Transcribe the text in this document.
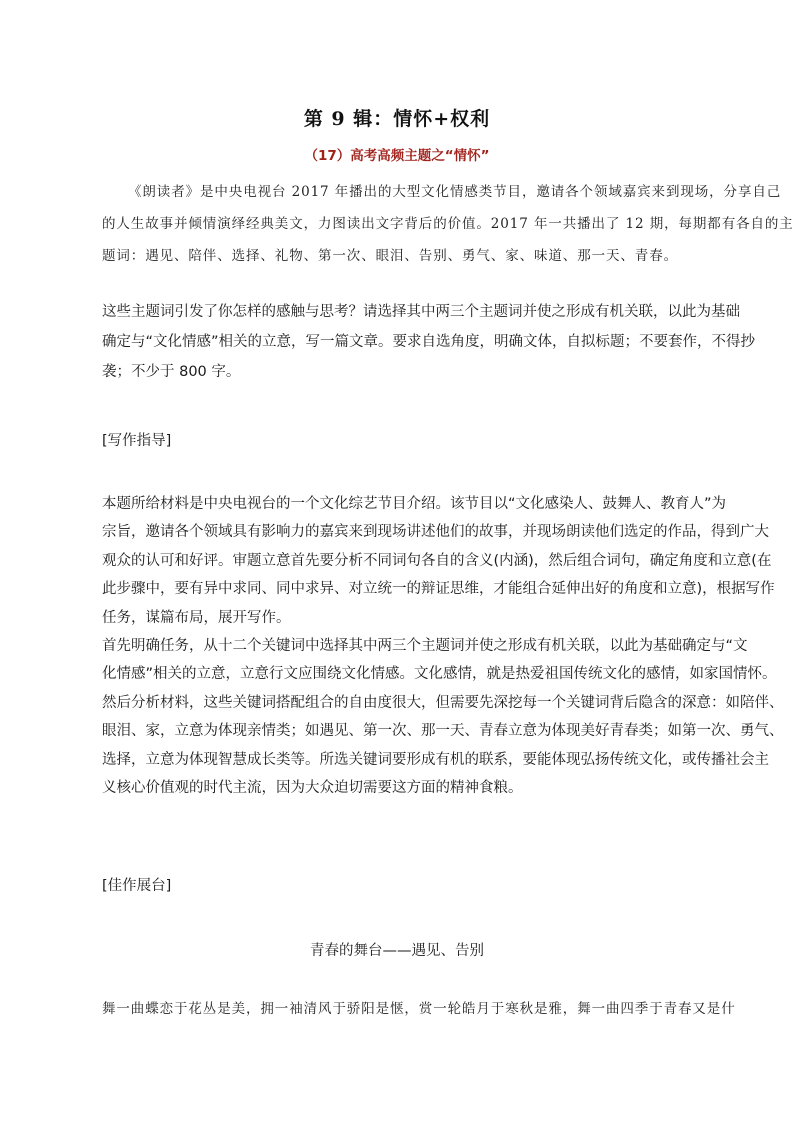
第 9 辑：情怀+权利
（17）高考高频主题之“情怀”
《朗读者》是中央电视台 2017 年播出的大型文化情感类节目，邀请各个领域嘉宾来到现场，分享自己
的人生故事并倾情演绎经典美文，力图读出文字背后的价值。2017 年一共播出了 12 期，每期都有各自的主
题词：遇见、陪伴、选择、礼物、第一次、眼泪、告别、勇气、家、味道、那一天、青春。
这些主题词引发了你怎样的感触与思考？请选择其中两三个主题词并使之形成有机关联，以此为基础
确定与“文化情感”相关的立意，写一篇文章。要求自选角度，明确文体，自拟标题；不要套作，不得抄
袭；不少于 800 字。
[写作指导]
本题所给材料是中央电视台的一个文化综艺节目介绍。该节目以“文化感染人、鼓舞人、教育人”为
宗旨，邀请各个领域具有影响力的嘉宾来到现场讲述他们的故事，并现场朗读他们选定的作品，得到广大
观众的认可和好评。审题立意首先要分析不同词句各自的含义(内涵)，然后组合词句，确定角度和立意(在
此步骤中，要有异中求同、同中求异、对立统一的辩证思维，才能组合延伸出好的角度和立意)，根据写作
任务，谋篇布局，展开写作。
首先明确任务，从十二个关键词中选择其中两三个主题词并使之形成有机关联，以此为基础确定与“文
化情感”相关的立意，立意行文应围绕文化情感。文化感情，就是热爱祖国传统文化的感情，如家国情怀。
然后分析材料，这些关键词搭配组合的自由度很大，但需要先深挖每一个关键词背后隐含的深意：如陪伴、
眼泪、家，立意为体现亲情类；如遇见、第一次、那一天、青春立意为体现美好青春类；如第一次、勇气、
选择，立意为体现智慧成长类等。所选关键词要形成有机的联系，要能体现弘扬传统文化，或传播社会主
义核心价值观的时代主流，因为大众迫切需要这方面的精神食粮。
[佳作展台]
青春的舞台——遇见、告别
舞一曲蝶恋于花丛是美，拥一袖清风于骄阳是惬，赏一轮皓月于寒秋是雅，舞一曲四季于青春又是什
